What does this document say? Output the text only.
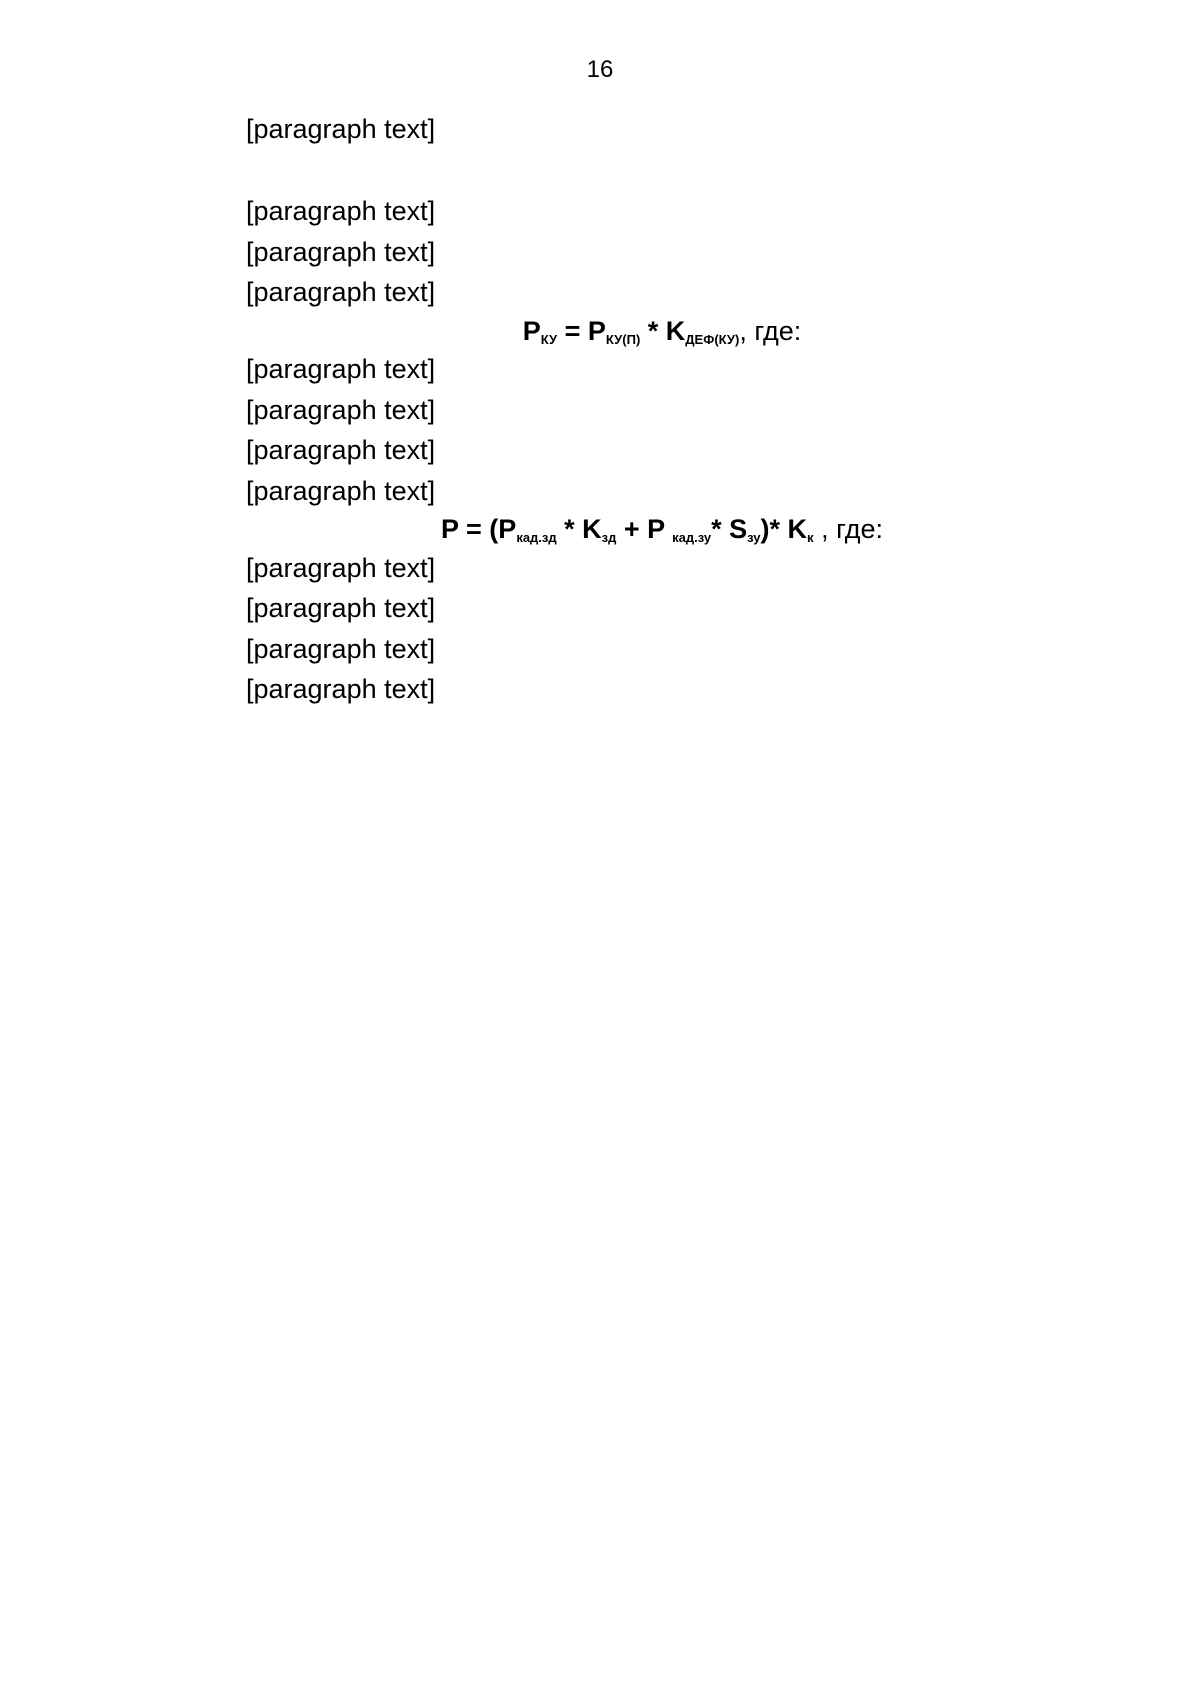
16

[paragraph text]

[paragraph text]

[paragraph text]

[paragraph text]

$P_{КУ} = P_{КУ(П)} * K_{ДЕФ(КУ)}$, где:

[paragraph text]

[paragraph text]

[paragraph text]

[paragraph text]

$P = (P_{кад.зд} * K_{зд} + P$ $_{кад.зу}$* $S_{зу})*$ $K_к$ , где:

[paragraph text]

[paragraph text]

[paragraph text]

[paragraph text]
